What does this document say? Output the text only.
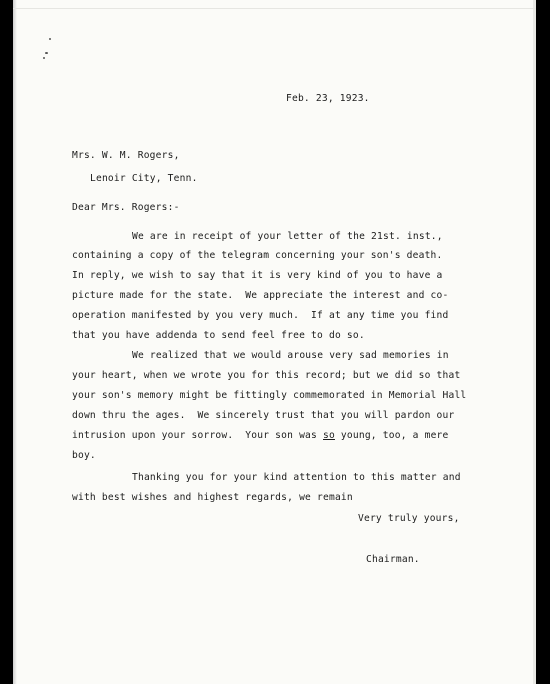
Feb. 23, 1923.
Mrs. W. M. Rogers,
Lenoir City, Tenn.
Dear Mrs. Rogers:-
We are in receipt of your letter of the 21st. inst.,
containing a copy of the telegram concerning your son's death.
In reply, we wish to say that it is very kind of you to have a
picture made for the state.  We appreciate the interest and co-
operation manifested by you very much.  If at any time you find
that you have addenda to send feel free to do so.
We realized that we would arouse very sad memories in
your heart, when we wrote you for this record; but we did so that
your son's memory might be fittingly commemorated in Memorial Hall
down thru the ages.  We sincerely trust that you will pardon our
intrusion upon your sorrow.  Your son was so young, too, a mere
boy.
Thanking you for your kind attention to this matter and
with best wishes and highest regards, we remain
Very truly yours,
Chairman.
